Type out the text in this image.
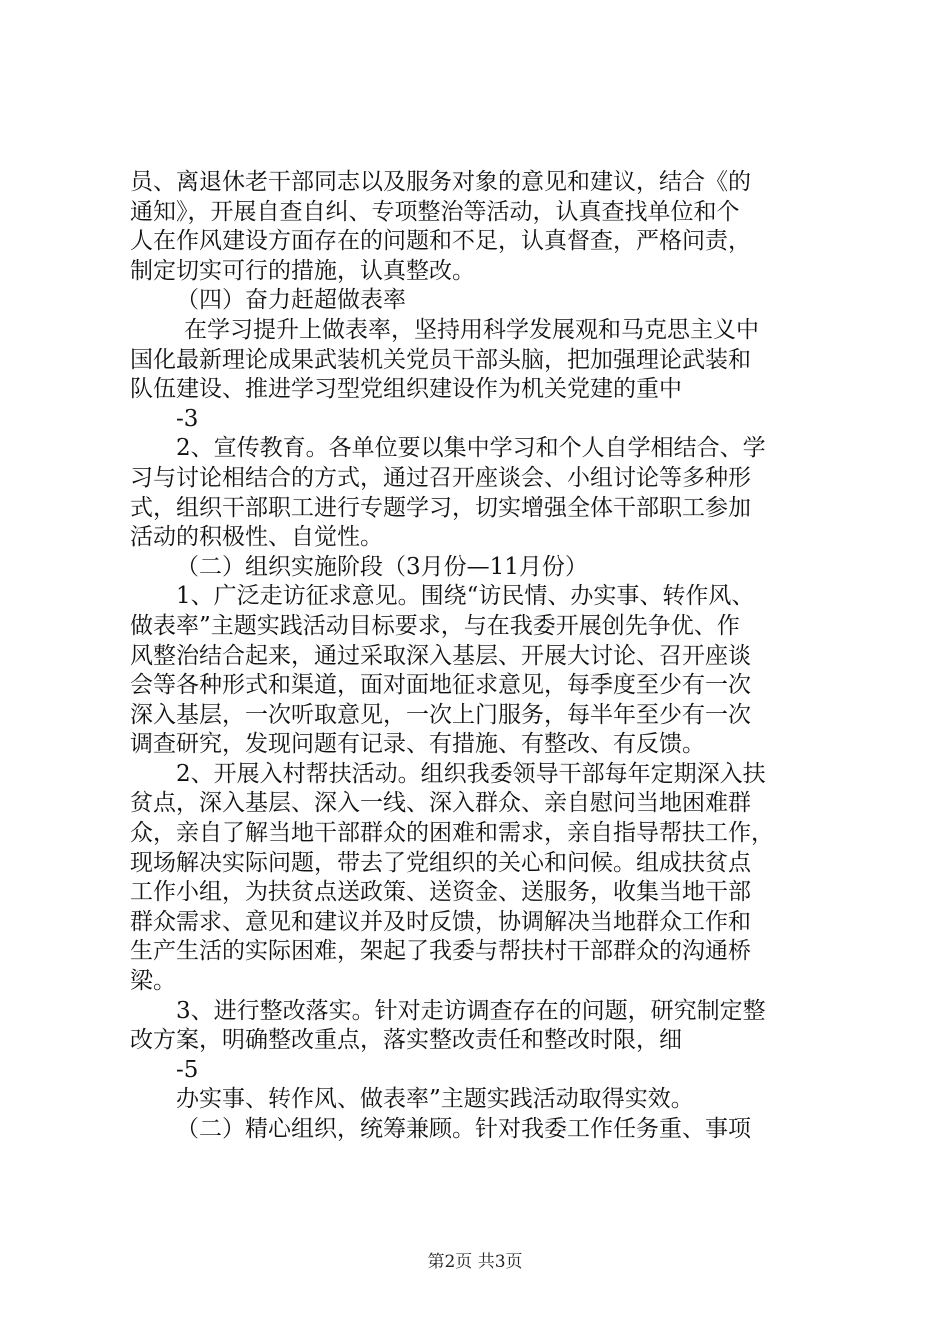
员、离退休老干部同志以及服务对象的意见和建议，结合《的
通知》，开展自查自纠、专项整治等活动，认真查找单位和个
人在作风建设方面存在的问题和不足，认真督查，严格问责，
制定切实可行的措施，认真整改。
（四）奋力赶超做表率
在学习提升上做表率，坚持用科学发展观和马克思主义中
国化最新理论成果武装机关党员干部头脑，把加强理论武装和
队伍建设、推进学习型党组织建设作为机关党建的重中
-3
2、宣传教育。各单位要以集中学习和个人自学相结合、学
习与讨论相结合的方式，通过召开座谈会、小组讨论等多种形
式，组织干部职工进行专题学习，切实增强全体干部职工参加
活动的积极性、自觉性。
（二）组织实施阶段（3月份—11月份）
1、广泛走访征求意见。围绕“访民情、办实事、转作风、
做表率”主题实践活动目标要求，与在我委开展创先争优、作
风整治结合起来，通过采取深入基层、开展大讨论、召开座谈
会等各种形式和渠道，面对面地征求意见，每季度至少有一次
深入基层，一次听取意见，一次上门服务，每半年至少有一次
调查研究，发现问题有记录、有措施、有整改、有反馈。
2、开展入村帮扶活动。组织我委领导干部每年定期深入扶
贫点，深入基层、深入一线、深入群众、亲自慰问当地困难群
众，亲自了解当地干部群众的困难和需求，亲自指导帮扶工作，
现场解决实际问题，带去了党组织的关心和问候。组成扶贫点
工作小组，为扶贫点送政策、送资金、送服务，收集当地干部
群众需求、意见和建议并及时反馈，协调解决当地群众工作和
生产生活的实际困难，架起了我委与帮扶村干部群众的沟通桥
梁。
3、进行整改落实。针对走访调查存在的问题，研究制定整
改方案，明确整改重点，落实整改责任和整改时限，细
-5
办实事、转作风、做表率”主题实践活动取得实效。
（二）精心组织，统筹兼顾。针对我委工作任务重、事项
第2页 共3页
